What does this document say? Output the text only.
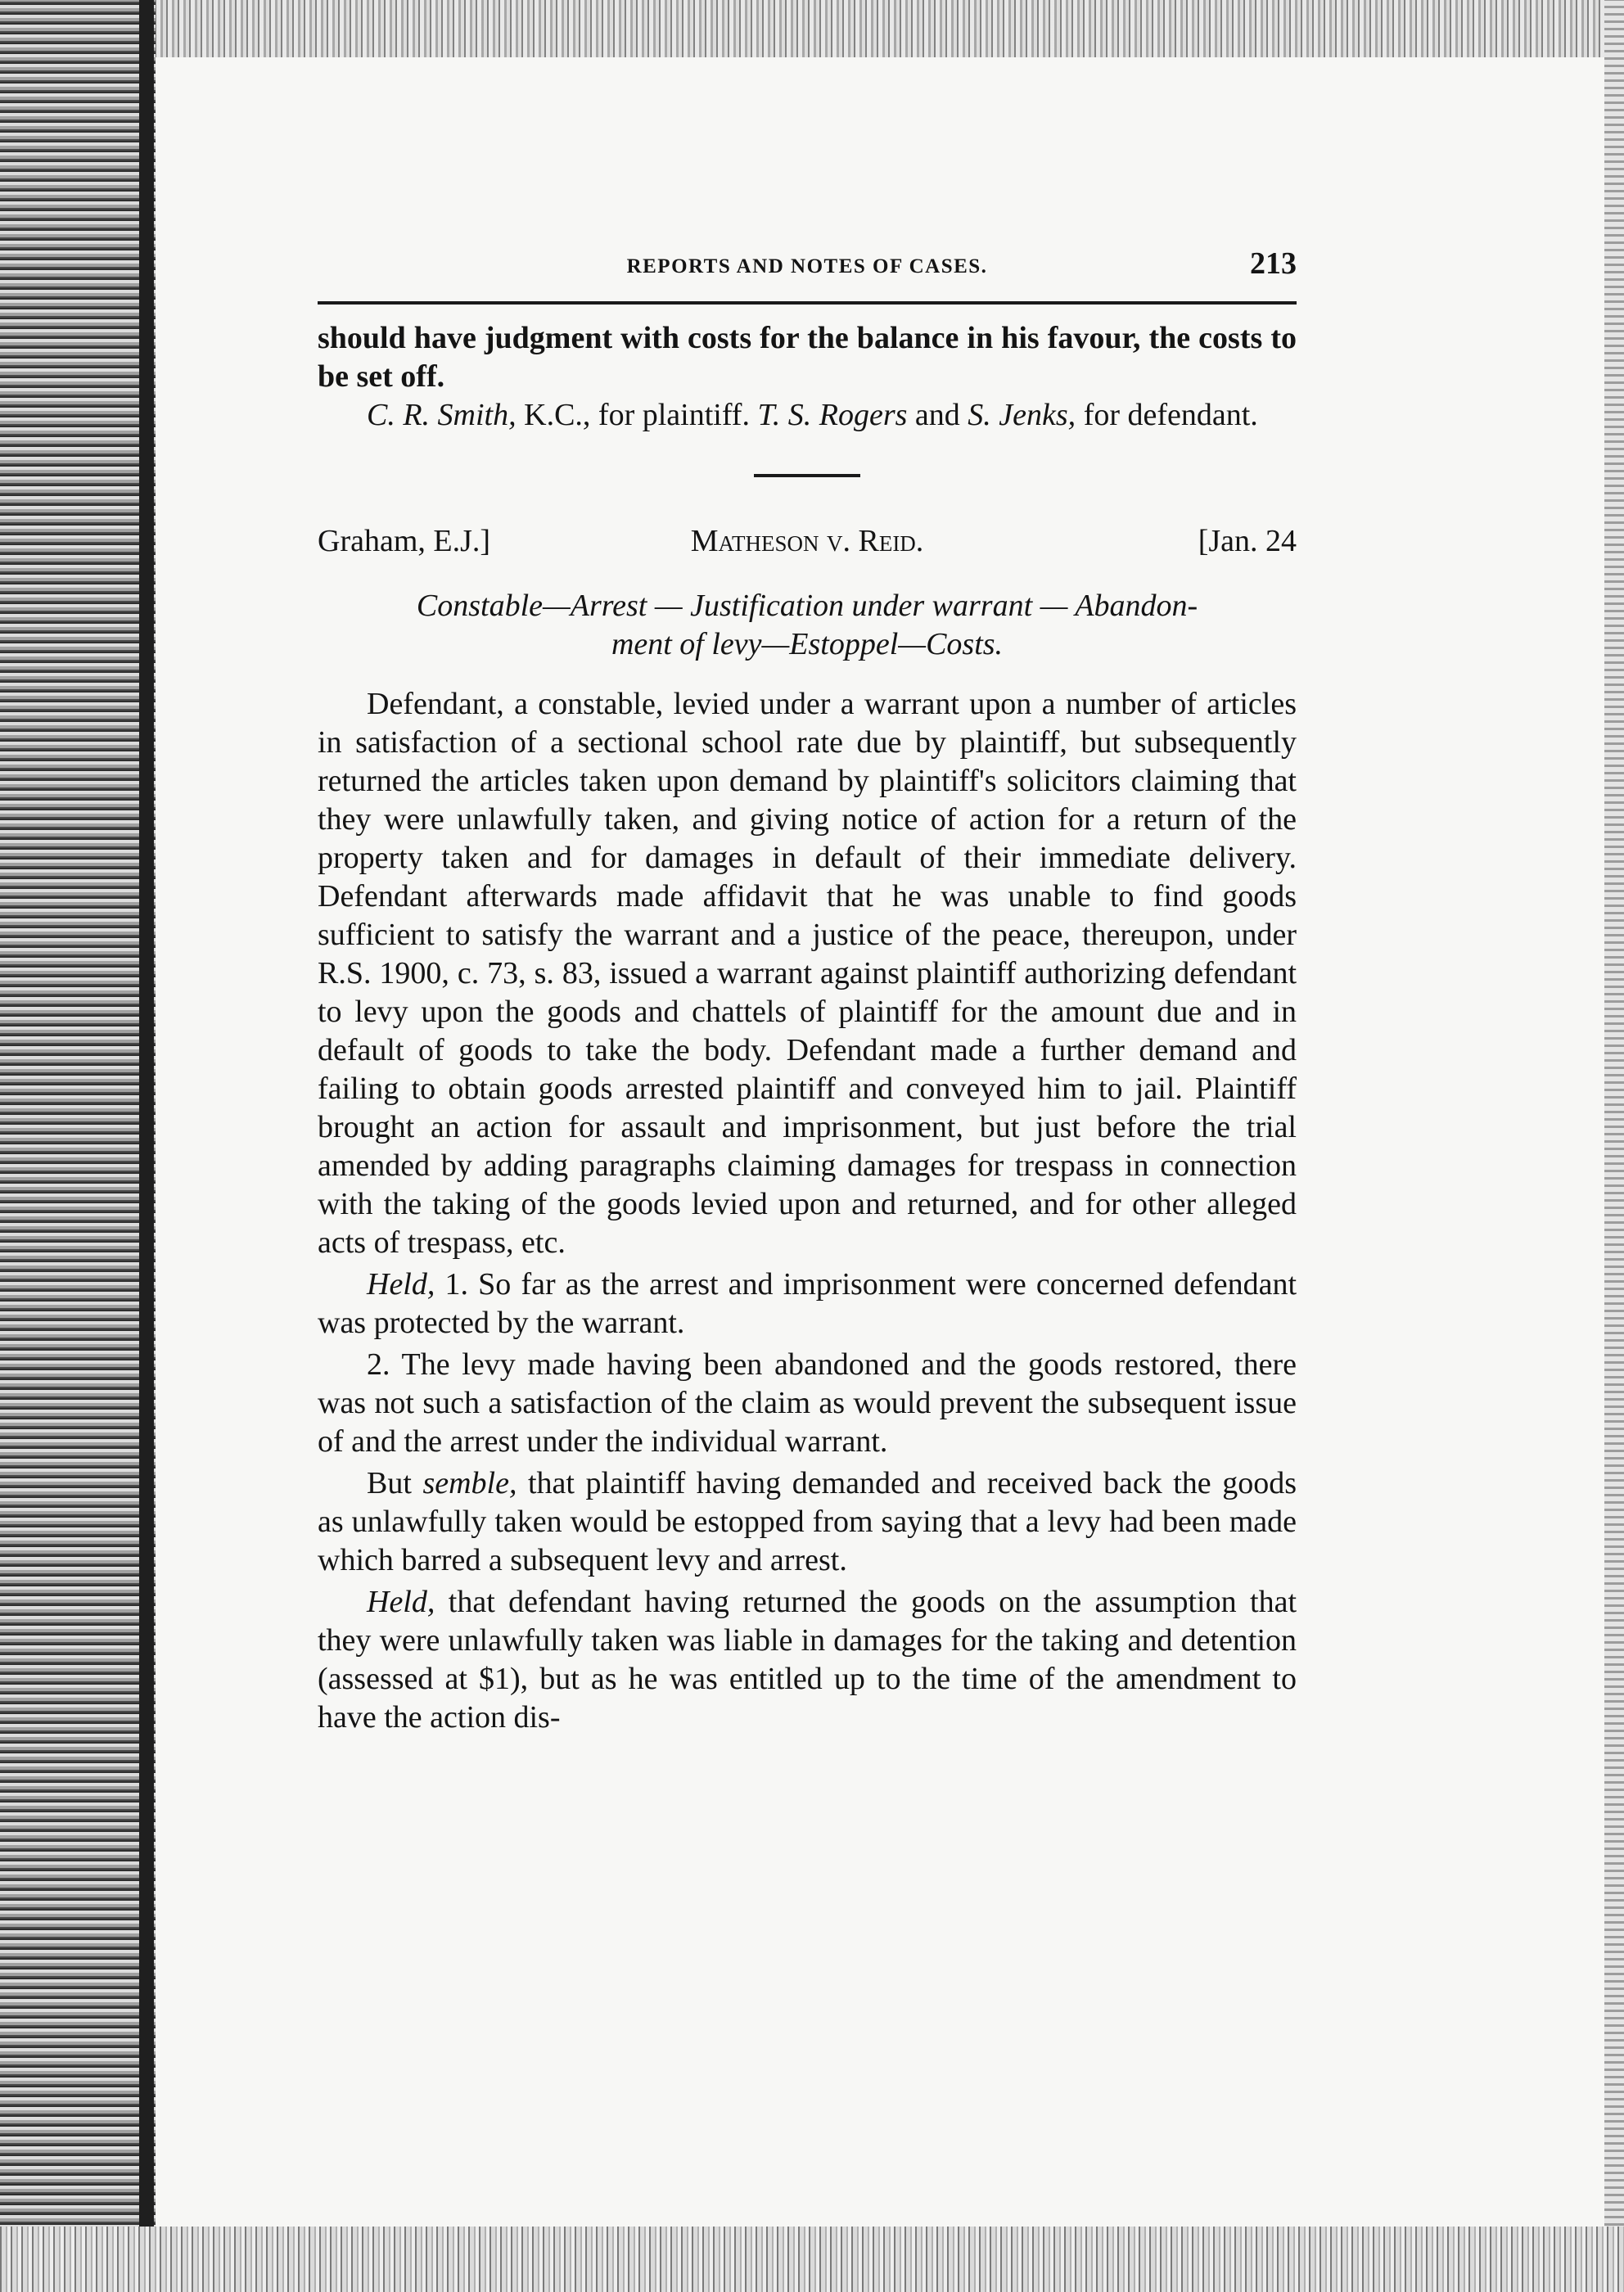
REPORTS AND NOTES OF CASES.	213

should have judgment with costs for the balance in his favour, the costs to be set off.

C. R. Smith, K.C., for plaintiff. T. S. Rogers and S. Jenks, for defendant.

Graham, E.J.]	Matheson v. Reid.	[Jan. 24
Constable—Arrest — Justification under warrant — Abandon-
ment of levy—Estoppel—Costs.

Defendant, a constable, levied under a warrant upon a number of articles in satisfaction of a sectional school rate due by plaintiff, but subsequently returned the articles taken upon demand by plaintiff's solicitors claiming that they were unlawfully taken, and giving notice of action for a return of the property taken and for damages in default of their immediate delivery. Defendant afterwards made affidavit that he was unable to find goods sufficient to satisfy the warrant and a justice of the peace, thereupon, under R.S. 1900, c. 73, s. 83, issued a warrant against plaintiff authorizing defendant to levy upon the goods and chattels of plaintiff for the amount due and in default of goods to take the body. Defendant made a further demand and failing to obtain goods arrested plaintiff and conveyed him to jail. Plaintiff brought an action for assault and imprisonment, but just before the trial amended by adding paragraphs claiming damages for trespass in connection with the taking of the goods levied upon and returned, and for other alleged acts of trespass, etc.

Held, 1. So far as the arrest and imprisonment were concerned defendant was protected by the warrant.

2. The levy made having been abandoned and the goods restored, there was not such a satisfaction of the claim as would prevent the subsequent issue of and the arrest under the individual warrant.

But semble, that plaintiff having demanded and received back the goods as unlawfully taken would be estopped from saying that a levy had been made which barred a subsequent levy and arrest.

Held, that defendant having returned the goods on the assumption that they were unlawfully taken was liable in damages for the taking and detention (assessed at $1), but as he was entitled up to the time of the amendment to have the action dis-
